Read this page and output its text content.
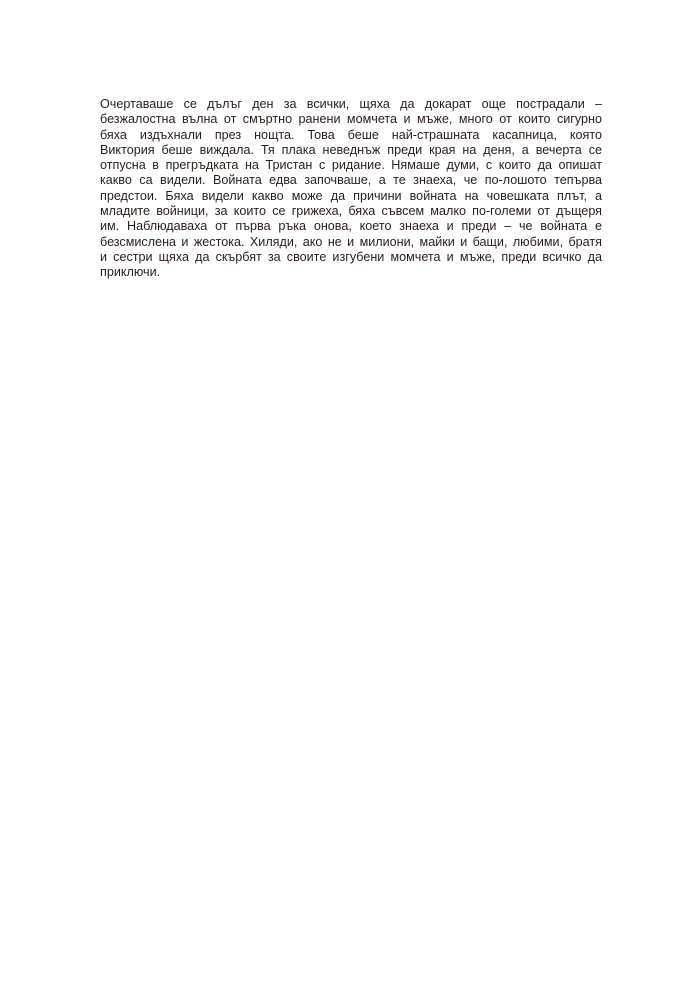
Очертаваше се дълъг ден за всички, щяха да докарат още пострадали –
безжалостна вълна от смъртно ранени момчета и мъже, много от които сигурно
бяха издъхнали през нощта. Това беше най-страшната касапница, която
Виктория беше виждала. Тя плака неведнъж преди края на деня, а вечерта се
отпусна в прегръдката на Тристан с ридание. Нямаше думи, с които да опишат
какво са видели. Войната едва започваше, а те знаеха, че по-лошото тепърва
предстои. Бяха видели какво може да причини войната на човешката плът, а
младите войници, за които се грижеха, бяха съвсем малко по-големи от дъщеря
им. Наблюдаваха от първа ръка онова, което знаеха и преди – че войната е
безсмислена и жестока. Хиляди, ако не и милиони, майки и бащи, любими, братя
и сестри щяха да скърбят за своите изгубени момчета и мъже, преди всичко да
приключи.
